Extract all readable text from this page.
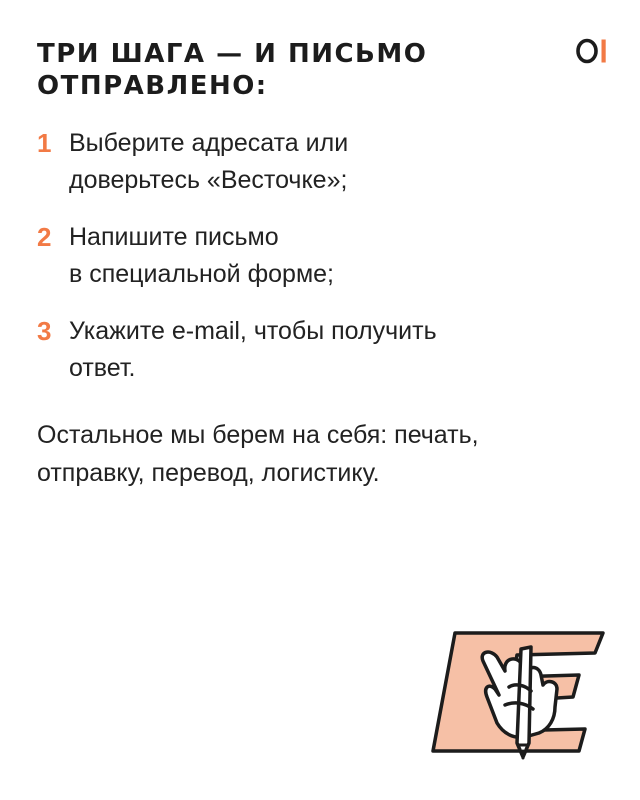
ТРИ ШАГА — И ПИСЬМО
ОТПРАВЛЕНО:
1 Выберите адресата или
доверьтесь «Весточке»;
2 Напишите письмо
в специальной форме;
3 Укажите e-mail, чтобы получить
ответ.

Остальное мы берем на себя: печать,
отправку, перевод, логистику.
